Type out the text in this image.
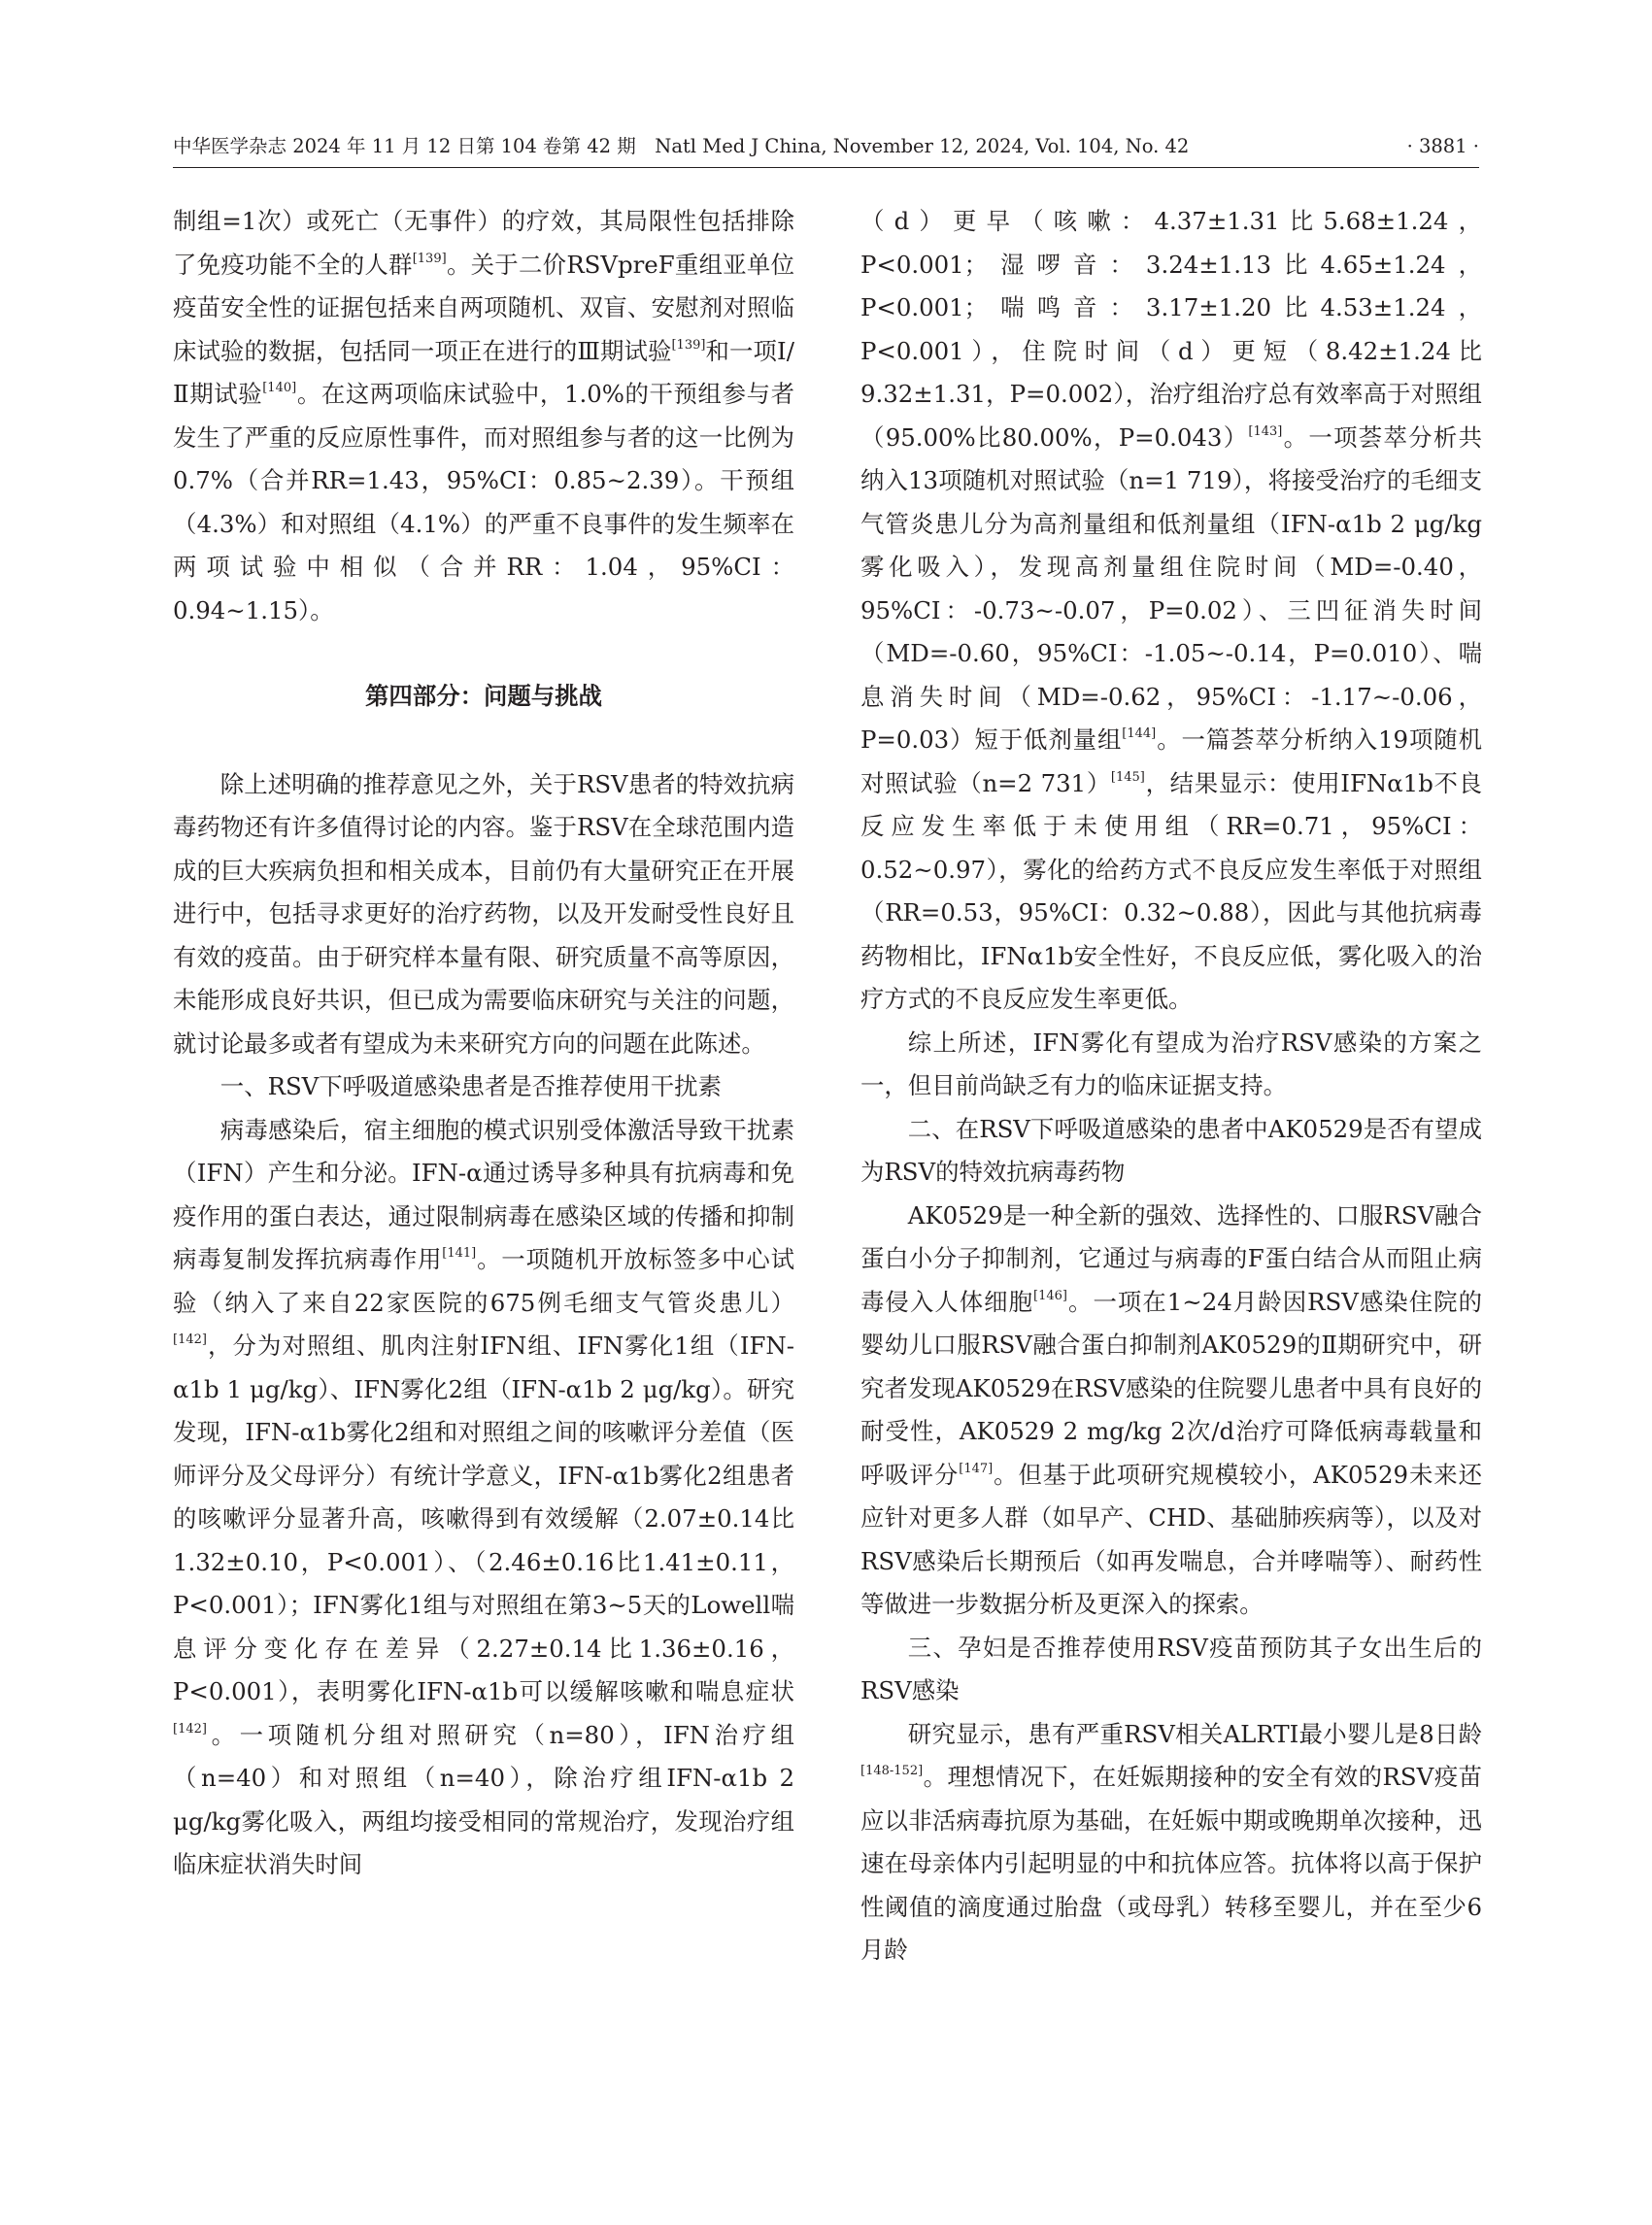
中华医学杂志 2024 年 11 月 12 日第 104 卷第 42 期　Natl Med J China, November 12, 2024, Vol. 104, No. 42	· 3881 ·

制组=1次）或死亡（无事件）的疗效，其局限性包括排除了免疫功能不全的人群[139]。关于二价RSVpreF重组亚单位疫苗安全性的证据包括来自两项随机、双盲、安慰剂对照临床试验的数据，包括同一项正在进行的Ⅲ期试验[139]和一项Ⅰ/Ⅱ期试验[140]。在这两项临床试验中，1.0%的干预组参与者发生了严重的反应原性事件，而对照组参与者的这一比例为0.7%（合并RR=1.43，95%CI：0.85~2.39）。干预组（4.3%）和对照组（4.1%）的严重不良事件的发生频率在两项试验中相似（合并RR：1.04，95%CI：0.94~1.15）。

第四部分：问题与挑战

除上述明确的推荐意见之外，关于RSV患者的特效抗病毒药物还有许多值得讨论的内容。鉴于RSV在全球范围内造成的巨大疾病负担和相关成本，目前仍有大量研究正在开展进行中，包括寻求更好的治疗药物，以及开发耐受性良好且有效的疫苗。由于研究样本量有限、研究质量不高等原因，未能形成良好共识，但已成为需要临床研究与关注的问题，就讨论最多或者有望成为未来研究方向的问题在此陈述。

一、RSV下呼吸道感染患者是否推荐使用干扰素

病毒感染后，宿主细胞的模式识别受体激活导致干扰素（IFN）产生和分泌。IFN-α通过诱导多种具有抗病毒和免疫作用的蛋白表达，通过限制病毒在感染区域的传播和抑制病毒复制发挥抗病毒作用[141]。一项随机开放标签多中心试验（纳入了来自22家医院的675例毛细支气管炎患儿）[142]，分为对照组、肌肉注射IFN组、IFN雾化1组（IFN-α1b 1 μg/kg）、IFN雾化2组（IFN-α1b 2 μg/kg）。研究发现，IFN-α1b雾化2组和对照组之间的咳嗽评分差值（医师评分及父母评分）有统计学意义，IFN-α1b雾化2组患者的咳嗽评分显著升高，咳嗽得到有效缓解（2.07±0.14比1.32±0.10，P<0.001）、（2.46±0.16比1.41±0.11，P<0.001）；IFN雾化1组与对照组在第3~5天的Lowell喘息评分变化存在差异（2.27±0.14比1.36±0.16，P<0.001），表明雾化IFN-α1b可以缓解咳嗽和喘息症状[142]。一项随机分组对照研究（n=80），IFN治疗组（n=40）和对照组（n=40），除治疗组IFN-α1b 2 μg/kg雾化吸入，两组均接受相同的常规治疗，发现治疗组临床症状消失时间

（d）更早（咳嗽：4.37±1.31比5.68±1.24，P<0.001；湿啰音：3.24±1.13比4.65±1.24，P<0.001；喘鸣音：3.17±1.20比4.53±1.24，P<0.001），住院时间（d）更短（8.42±1.24比9.32±1.31，P=0.002），治疗组治疗总有效率高于对照组（95.00%比80.00%，P=0.043）[143]。一项荟萃分析共纳入13项随机对照试验（n=1 719），将接受治疗的毛细支气管炎患儿分为高剂量组和低剂量组（IFN-α1b 2 μg/kg雾化吸入），发现高剂量组住院时间（MD=-0.40，95%CI：-0.73~-0.07，P=0.02）、三凹征消失时间（MD=-0.60，95%CI：-1.05~-0.14，P=0.010）、喘息消失时间（MD=-0.62，95%CI：-1.17~-0.06，P=0.03）短于低剂量组[144]。一篇荟萃分析纳入19项随机对照试验（n=2 731）[145]，结果显示：使用IFNα1b不良反应发生率低于未使用组（RR=0.71，95%CI：0.52~0.97），雾化的给药方式不良反应发生率低于对照组（RR=0.53，95%CI：0.32~0.88），因此与其他抗病毒药物相比，IFNα1b安全性好，不良反应低，雾化吸入的治疗方式的不良反应发生率更低。

综上所述，IFN雾化有望成为治疗RSV感染的方案之一，但目前尚缺乏有力的临床证据支持。

二、在RSV下呼吸道感染的患者中AK0529是否有望成为RSV的特效抗病毒药物

AK0529是一种全新的强效、选择性的、口服RSV融合蛋白小分子抑制剂，它通过与病毒的F蛋白结合从而阻止病毒侵入人体细胞[146]。一项在1~24月龄因RSV感染住院的婴幼儿口服RSV融合蛋白抑制剂AK0529的Ⅱ期研究中，研究者发现AK0529在RSV感染的住院婴儿患者中具有良好的耐受性，AK0529 2 mg/kg 2次/d治疗可降低病毒载量和呼吸评分[147]。但基于此项研究规模较小，AK0529未来还应针对更多人群（如早产、CHD、基础肺疾病等），以及对RSV感染后长期预后（如再发喘息，合并哮喘等）、耐药性等做进一步数据分析及更深入的探索。

三、孕妇是否推荐使用RSV疫苗预防其子女出生后的RSV感染

研究显示，患有严重RSV相关ALRTI最小婴儿是8日龄[148-152]。理想情况下，在妊娠期接种的安全有效的RSV疫苗应以非活病毒抗原为基础，在妊娠中期或晚期单次接种，迅速在母亲体内引起明显的中和抗体应答。抗体将以高于保护性阈值的滴度通过胎盘（或母乳）转移至婴儿，并在至少6月龄
